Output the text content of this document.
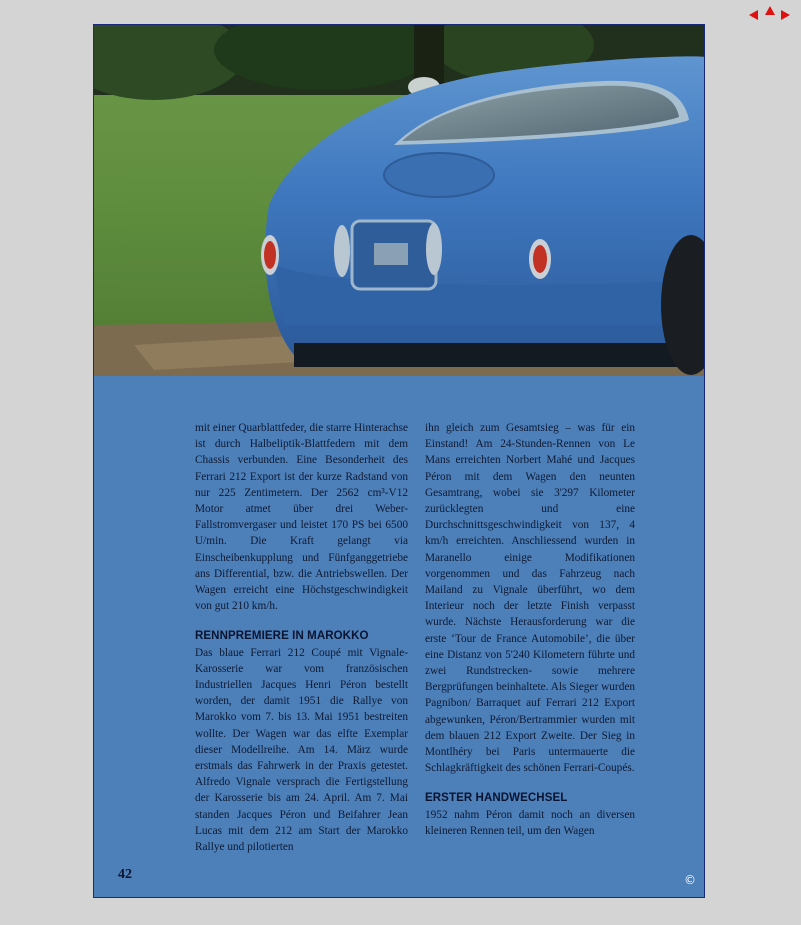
mit einer Quarblattfeder, die starre Hinterachse ist durch Halbeliptik-Blattfedern mit dem Chassis verbunden. Eine Besonderheit des Ferrari 212 Export ist der kurze Radstand von nur 225 Zentimetern. Der 2562 cm³-V12 Motor atmet über drei Weber-Fallstromvergaser und leistet 170 PS bei 6500 U/min. Die Kraft gelangt via Einscheibenkupplung und Fünfganggetriebe ans Differential, bzw. die Antriebswellen. Der Wagen erreicht eine Höchstgeschwindigkeit von gut 210 km/h.

RENNPREMIERE IN MAROKKO

Das blaue Ferrari 212 Coupé mit Vignale-Karosserie war vom französischen Industriellen Jacques Henri Péron bestellt worden, der damit 1951 die Rallye von Marokko vom 7. bis 13. Mai 1951 bestreiten wollte. Der Wagen war das elfte Exemplar dieser Modellreihe. Am 14. März wurde erstmals das Fahrwerk in der Praxis getestet. Alfredo Vignale versprach die Fertigstellung der Karosserie bis am 24. April. Am 7. Mai standen Jacques Péron und Beifahrer Jean Lucas mit dem 212 am Start der Marokko Rallye und pilotierten

ihn gleich zum Gesamtsieg – was für ein Einstand! Am 24-Stunden-Rennen von Le Mans erreichten Norbert Mahé und Jacques Péron mit dem Wagen den neunten Gesamtrang, wobei sie 3'297 Kilometer zurücklegten und eine Durchschnittsgeschwindigkeit von 137, 4 km/h erreichten. Anschliessend wurden in Maranello einige Modifikationen vorgenommen und das Fahrzeug nach Mailand zu Vignale überführt, wo dem Interieur noch der letzte Finish verpasst wurde. Nächste Herausforderung war die erste ‘Tour de France Automobile’, die über eine Distanz von 5'240 Kilometern führte und zwei Rundstrecken- sowie mehrere Bergprüfungen beinhaltete. Als Sieger wurden Pagnibon/ Barraquet auf Ferrari 212 Export abgewunken, Péron/Bertrammier wurden mit dem blauen 212 Export Zweite. Der Sieg in Montlhéry bei Paris untermauerte die Schlagkräftigkeit des schönen Ferrari-Coupés.

ERSTER HANDWECHSEL

1952 nahm Péron damit noch an diversen kleineren Rennen teil, um den Wagen

42	©
